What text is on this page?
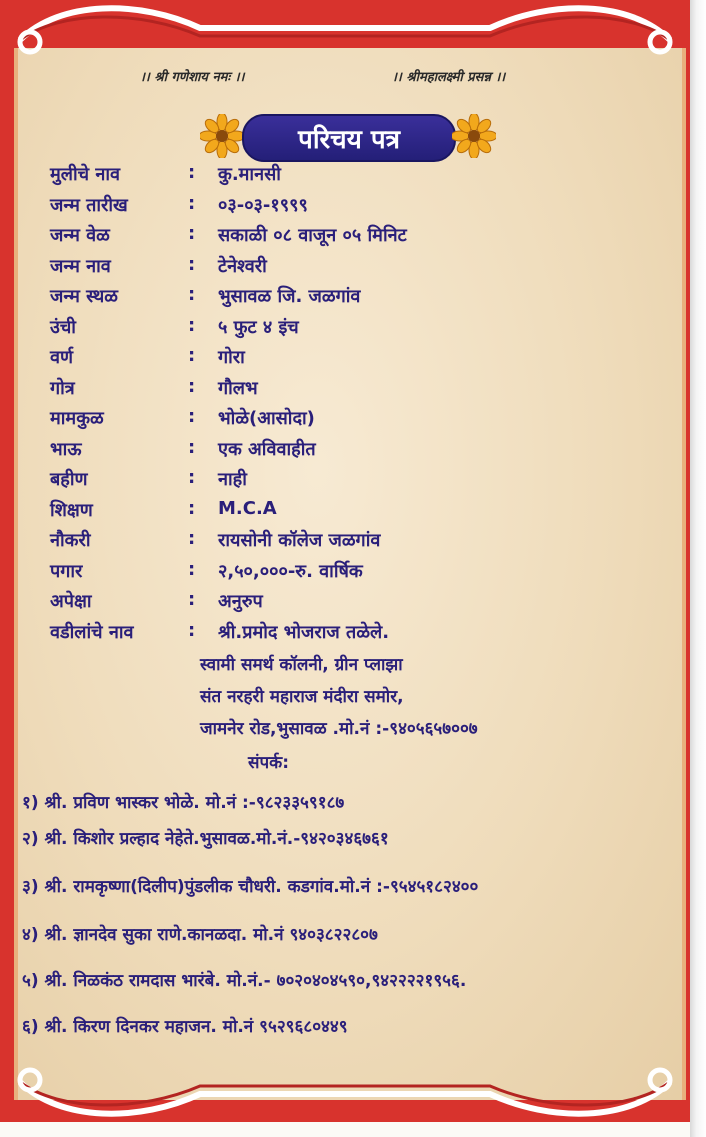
।। श्री गणेशाय नमः ।।	।। श्रीमहालक्ष्मी प्रसन्न ।।
परिचय पत्र
मुलीचे नाव	: कु.मानसी
जन्म तारीख	: ०३-०३-१९९९
जन्म वेळ	: सकाळी ०८ वाजून ०५ मिनिट
जन्म नाव	: टेनेश्वरी
जन्म स्थळ	: भुसावळ जि. जळगांव
उंची	: ५ फुट ४ इंच
वर्ण	: गोरा
गोत्र	: गौलभ
मामकुळ	: भोळे(आसोदा)
भाऊ	: एक अविवाहीत
बहीण	: नाही
शिक्षण	: M.C.A
नौकरी	: रायसोनी कॉलेज जळगांव
पगार	: २,५०,०००-रु. वार्षिक
अपेक्षा	: अनुरुप
वडीलांचे नाव	: श्री.प्रमोद भोजराज तळेले.
स्वामी समर्थ कॉलनी, ग्रीन प्लाझा
संत नरहरी महाराज मंदीरा समोर,
जामनेर रोड,भुसावळ .मो.नं :-९४०५६५७००७
संपर्क:
१) श्री. प्रविण भास्कर भोळे. मो.नं :-९८२३३५९१८७
२) श्री. किशोर प्रल्हाद नेहेते.भुसावळ.मो.नं.-९४२०३४६७६१
३) श्री. रामकृष्णा(दिलीप)पुंडलीक चौधरी. कडगांव.मो.नं :-९५४५१८२४००
४) श्री. ज्ञानदेव सुका राणे.कानळदा. मो.नं ९४०३८२२८०७
५) श्री. निळकंठ रामदास भारंबे. मो.नं.- ७०२०४०४५९०,९४२२२२१९५६.
६) श्री. किरण दिनकर महाजन. मो.नं ९५२९६८०४४९
